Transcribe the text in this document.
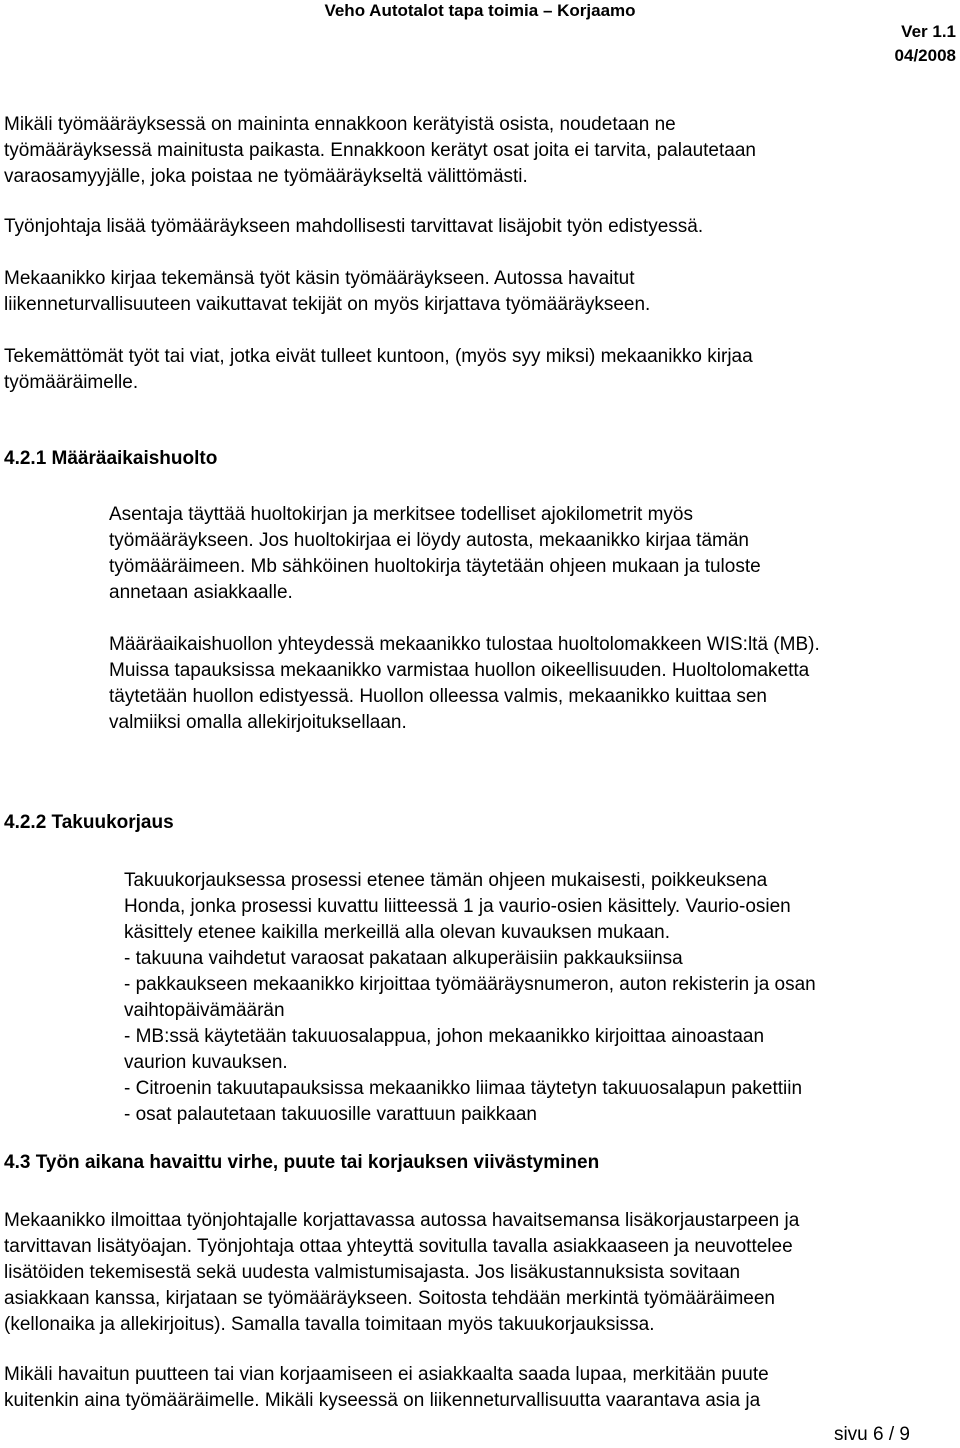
Veho Autotalot tapa toimia – Korjaamo
Ver 1.1
04/2008
Mikäli työmääräyksessä on maininta ennakkoon kerätyistä osista, noudetaan ne
työmääräyksessä mainitusta paikasta. Ennakkoon kerätyt osat joita ei tarvita, palautetaan
varaosamyyjälle, joka poistaa ne työmääräykseltä välittömästi.
Työnjohtaja lisää työmääräykseen mahdollisesti tarvittavat lisäjobit työn edistyessä.
Mekaanikko kirjaa tekemänsä työt käsin työmääräykseen. Autossa havaitut
liikenneturvallisuuteen vaikuttavat tekijät on myös kirjattava työmääräykseen.
Tekemättömät työt tai viat, jotka eivät tulleet kuntoon, (myös syy miksi) mekaanikko kirjaa
työmääräimelle.
4.2.1 Määräaikaishuolto
Asentaja täyttää huoltokirjan ja merkitsee todelliset ajokilometrit myös
työmääräykseen. Jos huoltokirjaa ei löydy autosta, mekaanikko kirjaa tämän
työmääräimeen. Mb sähköinen huoltokirja täytetään ohjeen mukaan ja tuloste
annetaan asiakkaalle.
Määräaikaishuollon yhteydessä mekaanikko tulostaa huoltolomakkeen WIS:ltä (MB).
Muissa tapauksissa mekaanikko varmistaa huollon oikeellisuuden. Huoltolomaketta
täytetään huollon edistyessä. Huollon olleessa valmis, mekaanikko kuittaa sen
valmiiksi omalla allekirjoituksellaan.
4.2.2 Takuukorjaus
Takuukorjauksessa prosessi etenee tämän ohjeen mukaisesti, poikkeuksena
Honda, jonka prosessi kuvattu liitteessä 1 ja vaurio-osien käsittely. Vaurio-osien
käsittely etenee kaikilla merkeillä alla olevan kuvauksen mukaan.
- takuuna vaihdetut varaosat pakataan alkuperäisiin pakkauksiinsa
- pakkaukseen mekaanikko kirjoittaa työmääräysnumeron, auton rekisterin ja osan
vaihtopäivämäärän
- MB:ssä käytetään takuuosalappua, johon mekaanikko kirjoittaa ainoastaan
vaurion kuvauksen.
- Citroenin takuutapauksissa mekaanikko liimaa täytetyn takuuosalapun pakettiin
- osat palautetaan takuuosille varattuun paikkaan
4.3 Työn aikana havaittu virhe, puute tai korjauksen viivästyminen
Mekaanikko ilmoittaa työnjohtajalle korjattavassa autossa havaitsemansa lisäkorjaustarpeen ja
tarvittavan lisätyöajan. Työnjohtaja ottaa yhteyttä sovitulla tavalla asiakkaaseen ja neuvottelee
lisätöiden tekemisestä sekä uudesta valmistumisajasta. Jos lisäkustannuksista sovitaan
asiakkaan kanssa, kirjataan se työmääräykseen. Soitosta tehdään merkintä työmääräimeen
(kellonaika ja allekirjoitus). Samalla tavalla toimitaan myös takuukorjauksissa.
Mikäli havaitun puutteen tai vian korjaamiseen ei asiakkaalta saada lupaa, merkitään puute
kuitenkin aina työmääräimelle. Mikäli kyseessä on liikenneturvallisuutta vaarantava asia ja
sivu 6 / 9
